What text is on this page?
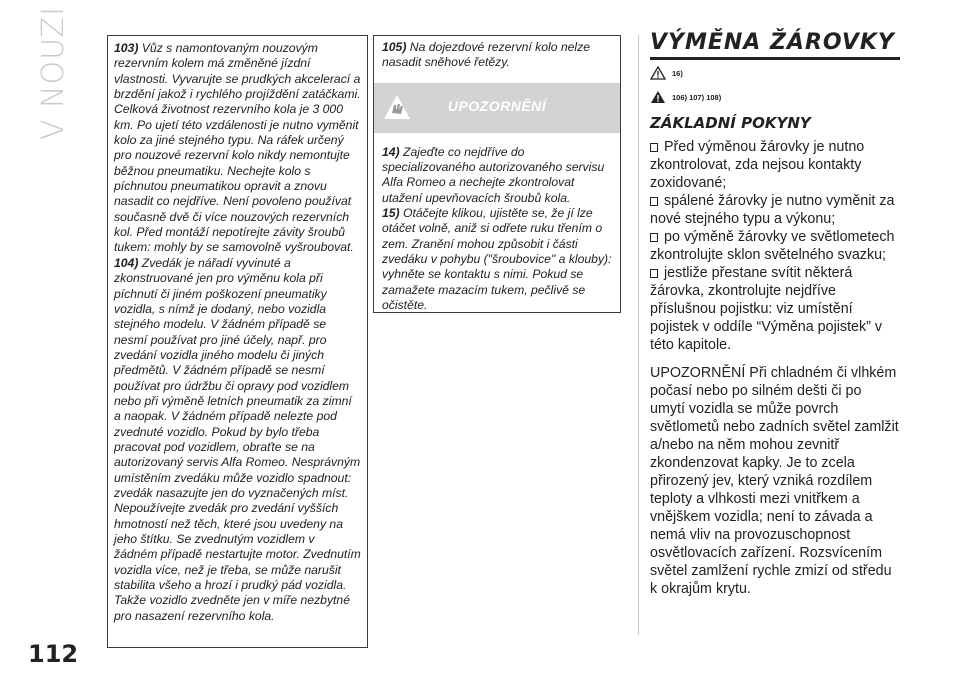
V NOUZI
112
103) Vůz s namontovaným nouzovým rezervním kolem má změněné jízdní vlastnosti. Vyvarujte se prudkých akcelerací a brzdění jakož i rychlého projíždění zatáčkami. Celková životnost rezervního kola je 3 000 km. Po ujetí této vzdálenosti je nutno vyměnit kolo za jiné stejného typu. Na ráfek určený pro nouzové rezervní kolo nikdy nemontujte běžnou pneumatiku. Nechejte kolo s píchnutou pneumatikou opravit a znovu nasadit co nejdříve. Není povoleno používat současně dvě či více nouzových rezervních kol. Před montáží nepotírejte závity šroubů tukem: mohly by se samovolně vyšroubovat.
104) Zvedák je nářadí vyvinuté a zkonstruované jen pro výměnu kola při píchnutí či jiném poškození pneumatiky vozidla, s nímž je dodaný, nebo vozidla stejného modelu. V žádném případě se nesmí používat pro jiné účely, např. pro zvedání vozidla jiného modelu či jiných předmětů. V žádném případě se nesmí používat pro údržbu či opravy pod vozidlem nebo při výměně letních pneumatik za zimní a naopak. V žádném případě nelezte pod zvednuté vozidlo. Pokud by bylo třeba pracovat pod vozidlem, obraťte se na autorizovaný servis Alfa Romeo. Nesprávným umístěním zvedáku může vozidlo spadnout: zvedák nasazujte jen do vyznačených míst. Nepoužívejte zvedák pro zvedání vyšších hmotností než těch, které jsou uvedeny na jeho štítku. Se zvednutým vozidlem v žádném případě nestartujte motor. Zvednutím vozidla více, než je třeba, se může narušit stabilita všeho a hrozí i prudký pád vozidla. Takže vozidlo zvedněte jen v míře nezbytné pro nasazení rezervního kola.
105) Na dojezdové rezervní kolo nelze nasadit sněhové řetězy.
UPOZORNĚNÍ
14) Zajeďte co nejdříve do specializovaného autorizovaného servisu Alfa Romeo a nechejte zkontrolovat utažení upevňovacích šroubů kola.
15) Otáčejte klikou, ujistěte se, že jí lze otáčet volně, aniž si odřete ruku třením o zem. Zranění mohou způsobit i části zvedáku v pohybu ("šroubovice" a klouby): vyhněte se kontaktu s nimi. Pokud se zamažete mazacím tukem, pečlivě se očistěte.
VÝMĚNA ŽÁROVKY
16)
106) 107) 108)
ZÁKLADNÍ POKYNY

Před výměnou žárovky je nutno zkontrolovat, zda nejsou kontakty zoxidované;

spálené žárovky je nutno vyměnit za nové stejného typu a výkonu;

po výměně žárovky ve světlometech zkontrolujte sklon světelného svazku;

jestliže přestane svítit některá žárovka, zkontrolujte nejdříve příslušnou pojistku: viz umístění pojistek v oddíle “Výměna pojistek” v této kapitole.

UPOZORNĚNÍ Při chladném či vlhkém počasí nebo po silném dešti či po umytí vozidla se může povrch světlometů nebo zadních světel zamlžit a/nebo na něm mohou zevnitř zkondenzovat kapky. Je to zcela přirozený jev, který vzniká rozdílem teploty a vlhkosti mezi vnitřkem a vnějškem vozidla; není to závada a nemá vliv na provozuschopnost osvětlovacích zařízení. Rozsvícením světel zamlžení rychle zmizí od středu k okrajům krytu.
